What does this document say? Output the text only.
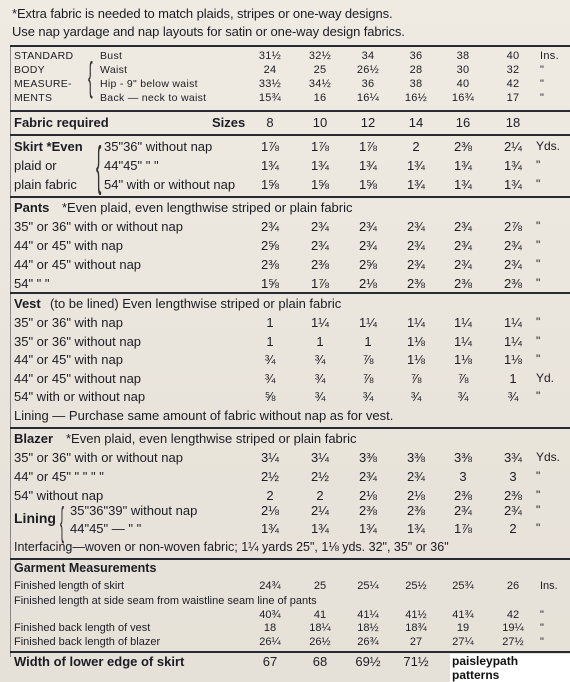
*Extra fabric is needed to match plaids, stripes or one-way designs.
Use nap yardage and nap layouts for satin or one-way design fabrics.
STANDARD
BODY
MEASURE-
MENTS { Bust	31½	32½	34	36	38	40	Ins.
Waist	24	25	26½	28	30	32	"
Hip - 9" below waist	33½	34½	36	38	40	42	"
Back — neck to waist	15¾	16	16¼	16½	16¾	17	"
Fabric required	Sizes	8	10	12	14	16	18
Skirt *Even 35"36" without nap	1⅞	1⅞	1⅞	2	2⅜	2¼	Yds.
plaid or	44"45" " "	1¾	1¾	1¾	1¾	1¾	1¾	"
plain fabric 54" with or without nap	1⅝	1⅝	1⅝	1¾	1¾	1¾	"
{
Pants *Even plaid, even lengthwise striped or plain fabric
35" or 36" with or without nap	2¾	2¾	2¾	2¾	2¾	2⅞	"
44" or 45" with nap	2⅝	2¾	2¾	2¾	2¾	2¾	"
44" or 45" without nap	2⅜	2⅜	2⅝	2¾	2¾	2¾	"
54" " "	1⅝	1⅞	2⅛	2⅜	2⅜	2⅜	"
Vest (to be lined) Even lengthwise striped or plain fabric
35" or 36" with nap	1	1¼	1¼	1¼	1¼	1¼	"
35" or 36" without nap	1	1	1	1⅛	1¼	1¼	"
44" or 45" with nap	¾	¾	⅞	1⅛	1⅛	1⅛	"
44" or 45" without nap	¾	¾	⅞	⅞	⅞	1	Yd.
54" with or without nap	⅝	¾	¾	¾	¾	¾	"
Lining — Purchase same amount of fabric without nap as for vest.
Blazer *Even plaid, even lengthwise striped or plain fabric
35" or 36" with or without nap	3¼	3¼	3⅜	3⅜	3⅜	3¾	Yds.
44" or 45" " " " "	2½	2½	2¾	2¾	3	3	"
54" without nap	2	2	2⅛	2⅛	2⅜	2⅜	"
Lining { 35"36"39" without nap	2⅛	2¼	2⅜	2⅜	2¾	2¾	"
44"45" — " "	1¾	1¾	1¾	1¾	1⅞	2	"
Interfacing—woven or non-woven fabric; 1¼ yards 25", 1⅛ yds. 32", 35" or 36"
Garment Measurements
Finished length of skirt	24¾	25	25¼	25½	25¾	26	Ins.
Finished length at side seam from waistline seam line of pants
40¾	41	41¼	41½	41¾	42	"
Finished back length of vest	18	18¼	18½	18¾	19	19¼	"
Finished back length of blazer	26¼	26½	26¾	27	27¼	27½	"
Width of lower edge of skirt	67	68	69½	71½	paisleypath patterns
